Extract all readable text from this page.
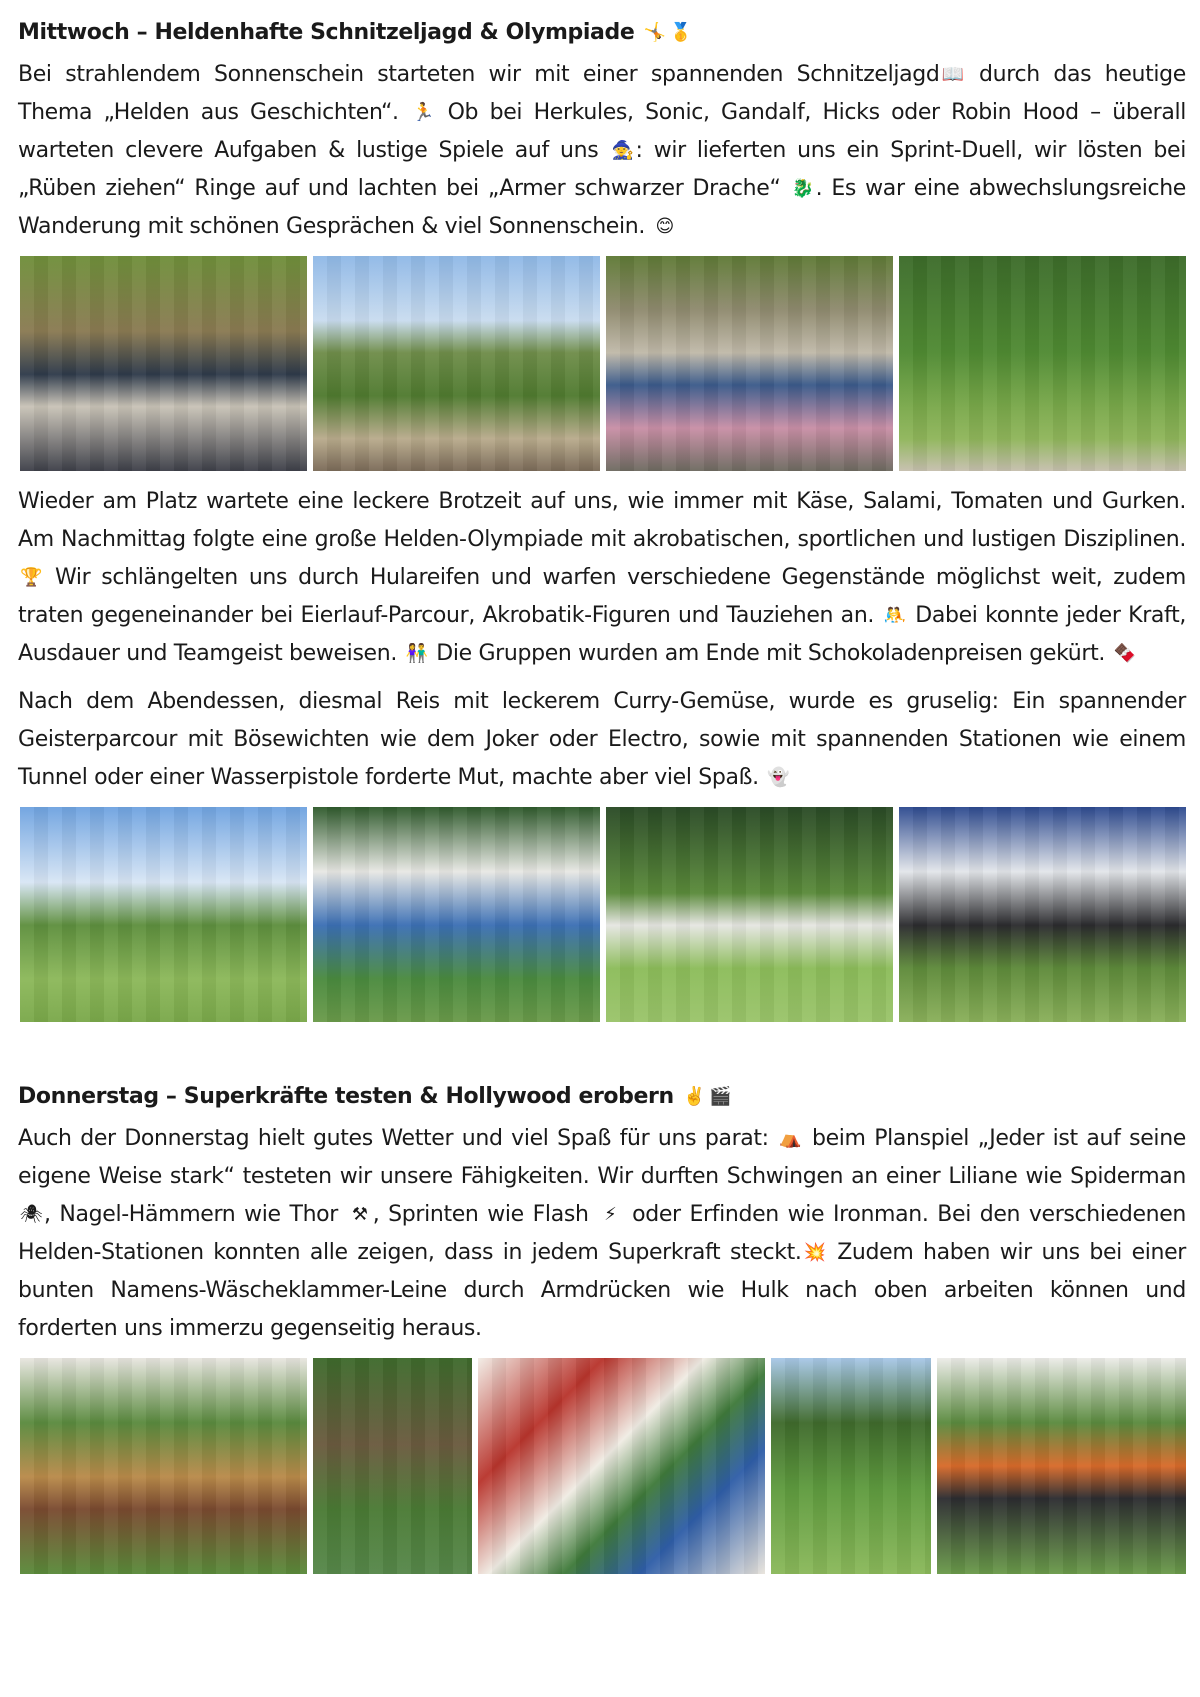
Mittwoch – Heldenhafte Schnitzeljagd & Olympiade 🤸 🥇

Bei strahlendem Sonnenschein starteten wir mit einer spannenden Schnitzeljagd 📖 durch das heutige Thema „Helden aus Geschichten“. 🏃 Ob bei Herkules, Sonic, Gandalf, Hicks oder Robin Hood – überall warteten clevere Aufgaben & lustige Spiele auf uns 🧙: wir lieferten uns ein Sprint-Duell, wir lösten bei „Rüben ziehen“ Ringe auf und lachten bei „Armer schwarzer Drache“ 🐉. Es war eine abwechslungsreiche Wanderung mit schönen Gesprächen & viel Sonnenschein. 😊

Wieder am Platz wartete eine leckere Brotzeit auf uns, wie immer mit Käse, Salami, Tomaten und Gurken. Am Nachmittag folgte eine große Helden-Olympiade mit akrobatischen, sportlichen und lustigen Disziplinen. 🏆 Wir schlängelten uns durch Hulareifen und warfen verschiedene Gegenstände möglichst weit, zudem traten gegeneinander bei Eierlauf-Parcour, Akrobatik-Figuren und Tauziehen an. 🤼 Dabei konnte jeder Kraft, Ausdauer und Teamgeist beweisen. 👫 Die Gruppen wurden am Ende mit Schokoladenpreisen gekürt. 🍫

Nach dem Abendessen, diesmal Reis mit leckerem Curry-Gemüse, wurde es gruselig: Ein spannender Geisterparcour mit Bösewichten wie dem Joker oder Electro, sowie mit spannenden Stationen wie einem Tunnel oder einer Wasserpistole forderte Mut, machte aber viel Spaß. 👻

Donnerstag – Superkräfte testen & Hollywood erobern ✌️ 🎬

Auch der Donnerstag hielt gutes Wetter und viel Spaß für uns parat: ⛺ beim Planspiel „Jeder ist auf seine eigene Weise stark“ testeten wir unsere Fähigkeiten. Wir durften Schwingen an einer Liliane wie Spiderman 🕷, Nagel-Hämmern wie Thor ⚒ , Sprinten wie Flash ⚡ oder Erfinden wie Ironman. Bei den verschiedenen Helden-Stationen konnten alle zeigen, dass in jedem Superkraft steckt. 💥 Zudem haben wir uns bei einer bunten Namens-Wäscheklammer-Leine durch Armdrücken wie Hulk nach oben arbeiten können und forderten uns immerzu gegenseitig heraus.
